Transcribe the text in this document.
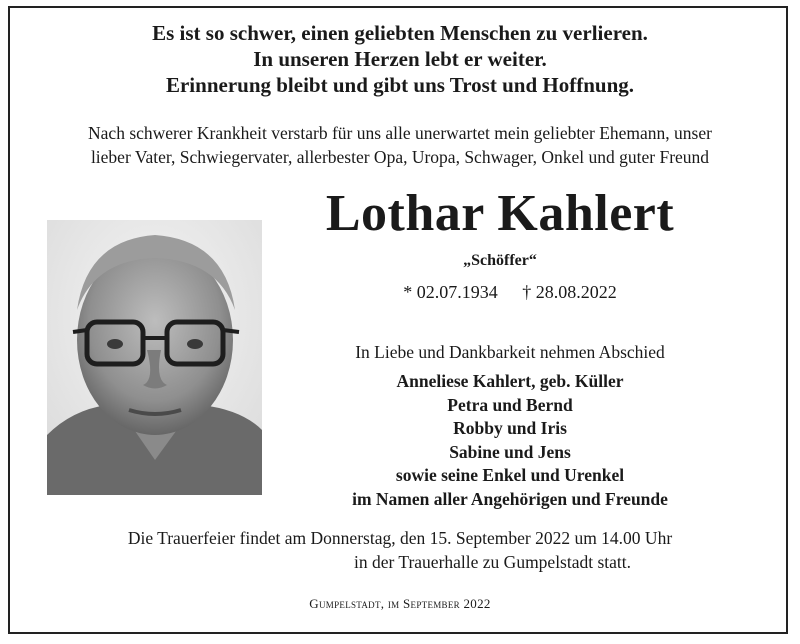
Es ist so schwer, einen geliebten Menschen zu verlieren.
In unseren Herzen lebt er weiter.
Erinnerung bleibt und gibt uns Trost und Hoffnung.
Nach schwerer Krankheit verstarb für uns alle unerwartet mein geliebter Ehemann, unser
lieber Vater, Schwiegervater, allerbester Opa, Uropa, Schwager, Onkel und guter Freund
Lothar Kahlert
„Schöffer“
* 02.07.1934 † 28.08.2022
In Liebe und Dankbarkeit nehmen Abschied
Anneliese Kahlert, geb. Küller
Petra und Bernd
Robby und Iris
Sabine und Jens
sowie seine Enkel und Urenkel
im Namen aller Angehörigen und Freunde
Die Trauerfeier findet am Donnerstag, den 15. September 2022 um 14.00 Uhr
in der Trauerhalle zu Gumpelstadt statt.
Gumpelstadt, im September 2022
